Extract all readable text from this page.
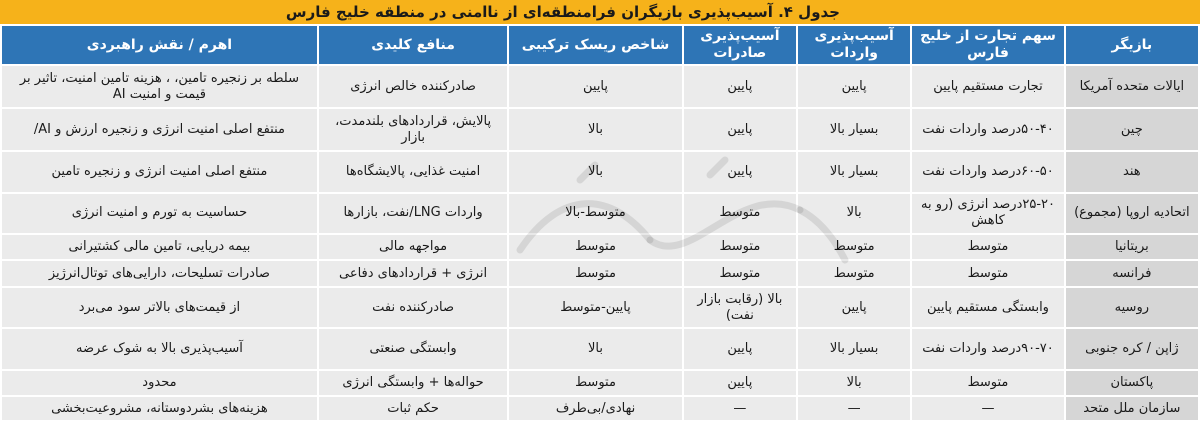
جدول ۴. آسیب‌پذیری بازیگران فرامنطقه‌ای از ناامنی در منطقه خلیج فارس
بازیگر	سهم تجارت از خلیج فارس	آسیب‌پذیری واردات	آسیب‌پذیری صادرات	شاخص ریسک ترکیبی	منافع کلیدی	اهرم / نقش راهبردی
ایالات متحده آمریکا	تجارت مستقیم پایین	پایین	پایین	پایین	صادرکننده خالص انرژی	سلطه بر زنجیره تامین، ، هزینه تامین امنیت، تاثیر بر قیمت و امنیت AI
چین	۵۰-۴۰درصد واردات نفت	بسیار بالا	پایین	بالا	پالایش، قراردادهای بلندمدت، بازار	منتفع اصلی امنیت انرژی و زنجیره ارزش و AI/
هند	۶۰-۵۰درصد واردات نفت	بسیار بالا	پایین	بالا	امنیت غذایی، پالایشگاه‌ها	منتفع اصلی امنیت انرژی و زنجیره تامین
اتحادیه اروپا (مجموع)	۲۵-۲۰درصد انرژی (رو به کاهش	بالا	متوسط	متوسط-بالا	واردات LNG/نفت، بازارها	حساسیت به تورم و امنیت انرژی
بریتانیا	متوسط	متوسط	متوسط	متوسط	مواجهه مالی	بیمه دریایی، تامین مالی کشتیرانی
فرانسه	متوسط	متوسط	متوسط	متوسط	انرژی + قراردادهای دفاعی	صادرات تسلیحات، دارایی‌های توتال‌انرژیز
روسیه	وابستگی مستقیم پایین	پایین	بالا (رقابت بازار نفت)	پایین-متوسط	صادرکننده نفت	از قیمت‌های بالاتر سود می‌برد
ژاپن / کره جنوبی	۹۰-۷۰درصد واردات نفت	بسیار بالا	پایین	بالا	وابستگی صنعتی	آسیب‌پذیری بالا به شوک عرضه
پاکستان	متوسط	بالا	پایین	متوسط	حواله‌ها + وابستگی انرژی	محدود
سازمان ملل متحد	—	—	—	نهادی/بی‌طرف	حکم ثبات	هزینه‌های بشردوستانه، مشروعیت‌بخشی
